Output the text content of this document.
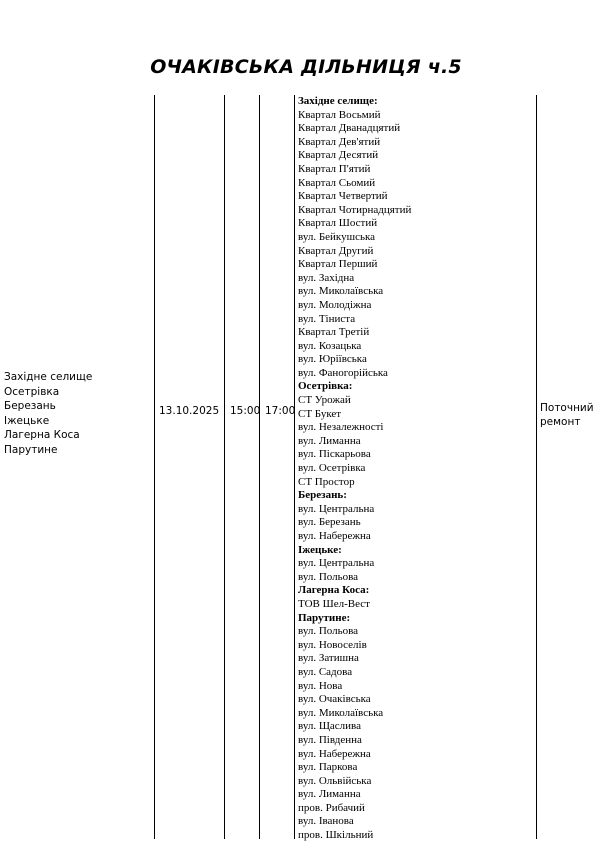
ОЧАКІВСЬКА ДІЛЬНИЦЯ ч.5
Західне селище
Осетрівка
Березань
Іжецьке
Лагерна Коса
Парутине
13.10.2025 15:00 17:00	Поточний
ремонт
Західне селище:
Квартал Восьмий
Квартал Дванадцятий
Квартал Дев'ятий
Квартал Десятий
Квартал П'ятий
Квартал Сьомий
Квартал Четвертий
Квартал Чотирнадцятий
Квартал Шостий
вул. Бейкушська
Квартал Другий
Квартал Перший
вул. Західна
вул. Миколаївська
вул. Молодіжна
вул. Тіниста
Квартал Третій
вул. Козацька
вул. Юріївська
вул. Фаногорійська
Осетрівка:
СТ Урожай
СТ Букет
вул. Незалежності
вул. Лиманна
вул. Піскарьова
вул. Осетрівка
СТ Простор
Березань:
вул. Центральна
вул. Березань
вул. Набережна
Іжецьке:
вул. Центральна
вул. Польова
Лагерна Коса:
ТОВ Шел-Вест
Парутине:
вул. Польова
вул. Новоселів
вул. Затишна
вул. Садова
вул. Нова
вул. Очаківська
вул. Миколаївська
вул. Щаслива
вул. Південна
вул. Набережна
вул. Паркова
вул. Ольвійська
вул. Лиманна
пров. Рибачий
вул. Іванова
пров. Шкільний
